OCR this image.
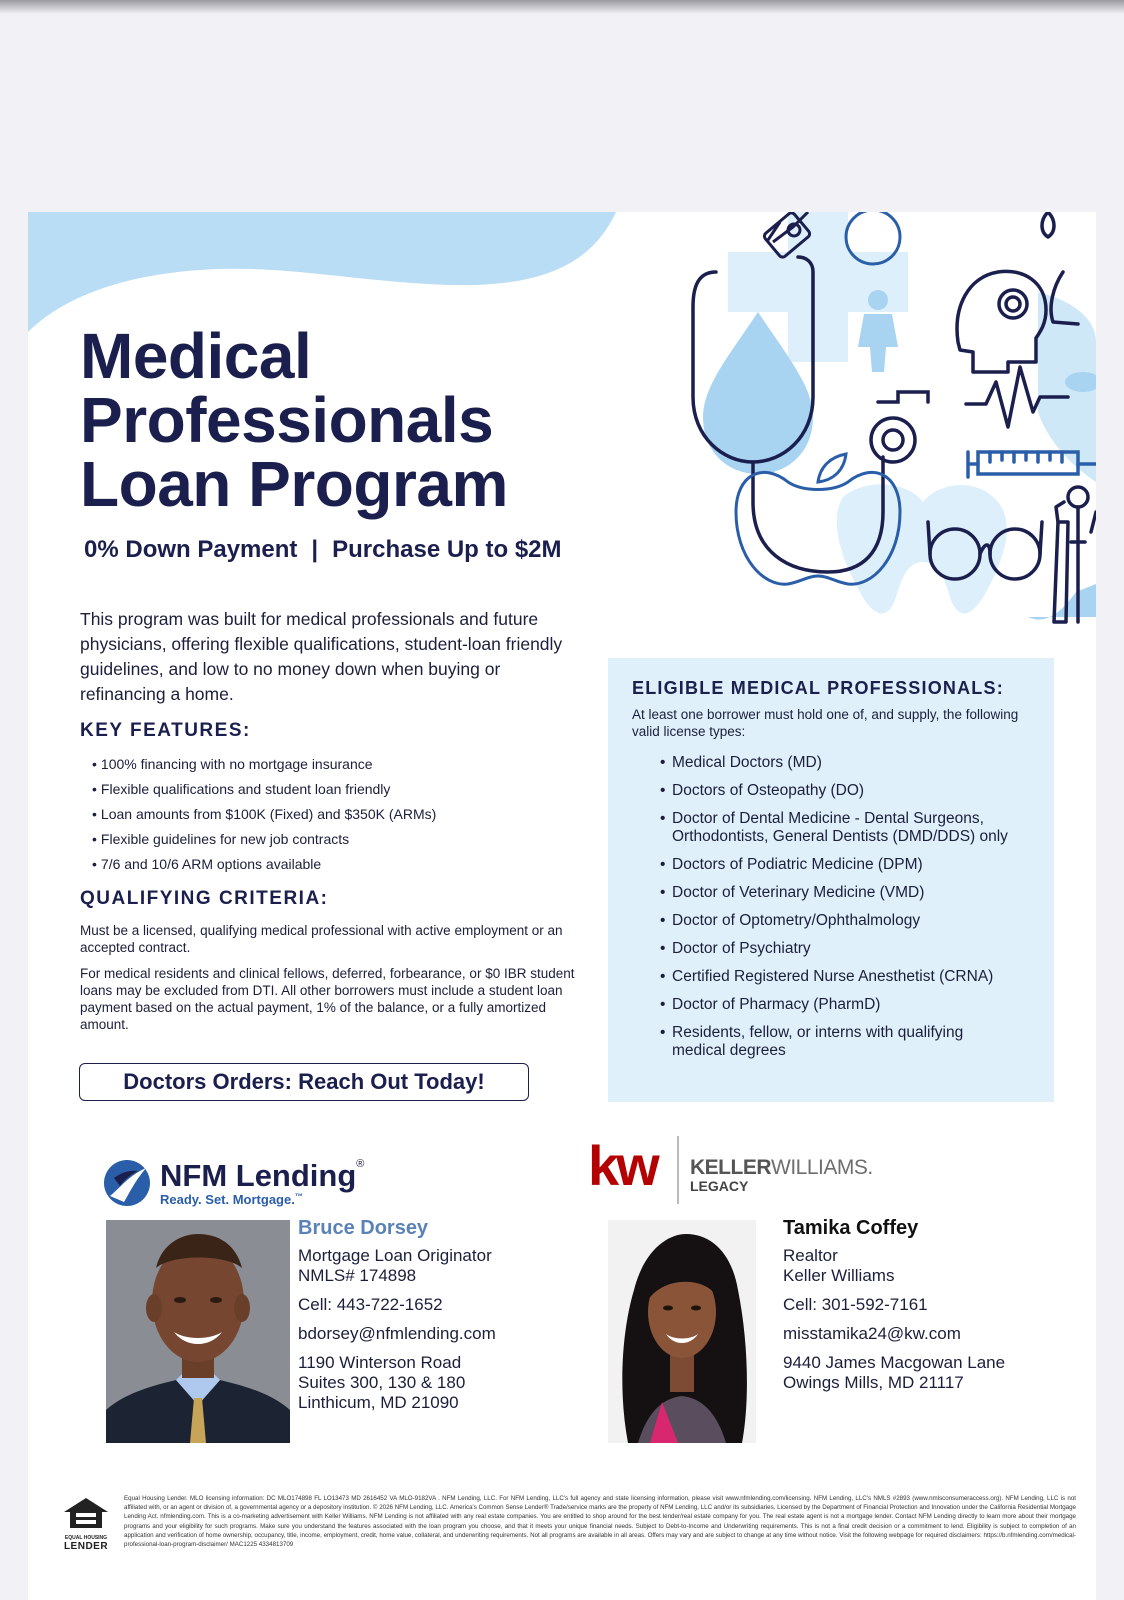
Medical
Professionals
Loan Program
0% Down Payment | Purchase Up to $2M

This program was built for medical professionals and future physicians, offering flexible qualifications, student-loan friendly guidelines, and low to no money down when buying or refinancing a home.

KEY FEATURES:
• 100% financing with no mortgage insurance
• Flexible qualifications and student loan friendly
• Loan amounts from $100K (Fixed) and $350K (ARMs)
• Flexible guidelines for new job contracts
• 7/6 and 10/6 ARM options available
QUALIFYING CRITERIA:

Must be a licensed, qualifying medical professional with active employment or an accepted contract.

For medical residents and clinical fellows, deferred, forbearance, or $0 IBR student loans may be excluded from DTI. All other borrowers must include a student loan payment based on the actual payment, 1% of the balance, or a fully amortized amount.

Doctors Orders: Reach Out Today!
ELIGIBLE MEDICAL PROFESSIONALS:

At least one borrower must hold one of, and supply, the following valid license types:

• Medical Doctors (MD)
• Doctors of Osteopathy (DO)
• Doctor of Dental Medicine - Dental Surgeons, Orthodontists, General Dentists (DMD/DDS) only
• Doctors of Podiatric Medicine (DPM)
• Doctor of Veterinary Medicine (VMD)
• Doctor of Optometry/Ophthalmology
• Doctor of Psychiatry
• Certified Registered Nurse Anesthetist (CRNA)
• Doctor of Pharmacy (PharmD)
• Residents, fellow, or interns with qualifying medical degrees
NFM Lending®
Ready. Set. Mortgage.™	kw KELLERWILLIAMS.
LEGACY
Bruce Dorsey
Mortgage Loan Originator
NMLS# 174898
Cell: 443-722-1652
bdorsey@nfmlending.com
1190 Winterson Road
Suites 300, 130 & 180
Linthicum, MD 21090
Tamika Coffey
Realtor
Keller Williams
Cell: 301-592-7161
misstamika24@kw.com
9440 James Macgowan Lane
Owings Mills, MD 21117
EQUAL HOUSING
LENDER

Equal Housing Lender. MLO licensing information: DC MLO174898 FL LO13473 MD 2616452 VA MLO-9182VA . NFM Lending, LLC. For NFM Lending, LLC's full agency and state licensing information, please visit www.nfmlending.com/licensing. NFM Lending, LLC's NMLS #2893 (www.nmlsconsumeraccess.org). NFM Lending, LLC is not affiliated with, or an agent or division of, a governmental agency or a depository institution. © 2026 NFM Lending, LLC. America's Common Sense Lender® Trade/service marks are the property of NFM Lending, LLC and/or its subsidiaries. Licensed by the Department of Financial Protection and Innovation under the California Residential Mortgage Lending Act. nfmlending.com. This is a co-marketing advertisement with Keller Williams. NFM Lending is not affiliated with any real estate companies. You are entitled to shop around for the best lender/real estate company for you. The real estate agent is not a mortgage lender. Contact NFM Lending directly to learn more about their mortgage programs and your eligibility for such programs. Make sure you understand the features associated with the loan program you choose, and that it meets your unique financial needs. Subject to Debt-to-Income and Underwriting requirements. This is not a final credit decision or a commitment to lend. Eligibility is subject to completion of an application and verification of home ownership, occupancy, title, income, employment, credit, home value, collateral, and underwriting requirements. Not all programs are available in all areas. Offers may vary and are subject to change at any time without notice. Visit the following webpage for required disclaimers: https://b.nfmlending.com/medical-professional-loan-program-disclaimer/ MAC1225 4334813709
